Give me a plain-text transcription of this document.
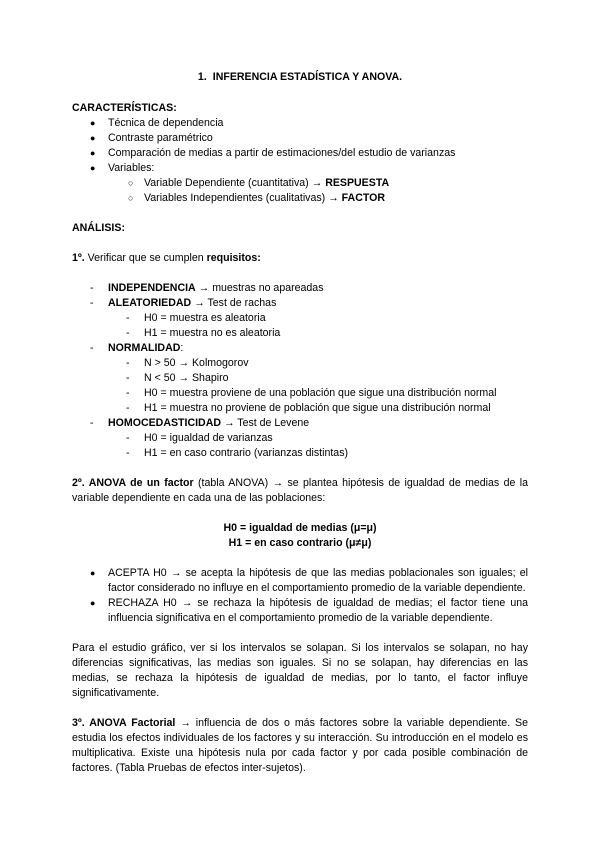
1. INFERENCIA ESTADÍSTICA Y ANOVA.
CARACTERÍSTICAS:
● Técnica de dependencia
● Contraste paramétrico
● Comparación de medias a partir de estimaciones/del estudio de varianzas
● Variables:
○ Variable Dependiente (cuantitativa) → RESPUESTA
○ Variables Independientes (cualitativas) → FACTOR
ANÁLISIS:
1º. Verificar que se cumplen requisitos:
- INDEPENDENCIA → muestras no apareadas
- ALEATORIEDAD → Test de rachas
- H0 = muestra es aleatoria
- H1 = muestra no es aleatoria
- NORMALIDAD:
- N > 50 → Kolmogorov
- N < 50 → Shapiro
- H0 = muestra proviene de una población que sigue una distribución normal
- H1 = muestra no proviene de población que sigue una distribución normal
- HOMOCEDASTICIDAD → Test de Levene
- H0 = igualdad de varianzas
- H1 = en caso contrario (varianzas distintas)
2º. ANOVA de un factor (tabla ANOVA) → se plantea hipótesis de igualdad de medias de la variable dependiente en cada una de las poblaciones:
H0 = igualdad de medias (μ=μ)
H1 = en caso contrario (μ≠μ)
● ACEPTA H0 → se acepta la hipótesis de que las medias poblacionales son iguales; el factor considerado no influye en el comportamiento promedio de la variable dependiente.
● RECHAZA H0 → se rechaza la hipótesis de igualdad de medias; el factor tiene una influencia significativa en el comportamiento promedio de la variable dependiente.
Para el estudio gráfico, ver si los intervalos se solapan. Si los intervalos se solapan, no hay diferencias significativas, las medias son iguales. Si no se solapan, hay diferencias en las medias, se rechaza la hipótesis de igualdad de medias, por lo tanto, el factor influye significativamente.
3º. ANOVA Factorial → influencia de dos o más factores sobre la variable dependiente. Se estudia los efectos individuales de los factores y su interacción. Su introducción en el modelo es multiplicativa. Existe una hipótesis nula por cada factor y por cada posible combinación de factores. (Tabla Pruebas de efectos inter-sujetos).
